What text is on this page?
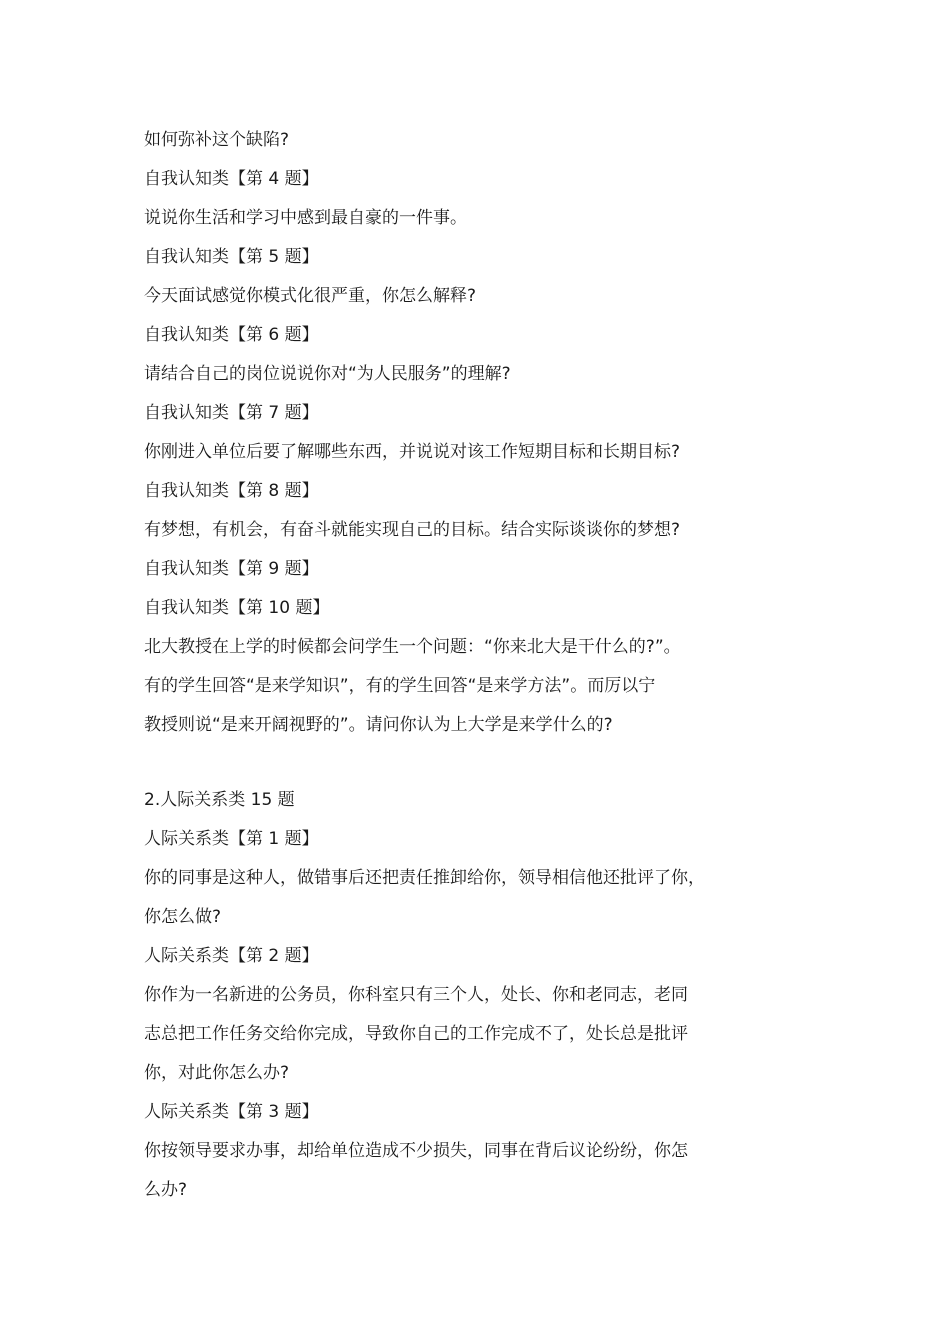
如何弥补这个缺陷?

自我认知类【第 4 题】

说说你生活和学习中感到最自豪的一件事。

自我认知类【第 5 题】

今天面试感觉你模式化很严重，你怎么解释?

自我认知类【第 6 题】

请结合自己的岗位说说你对“为人民服务”的理解?

自我认知类【第 7 题】

你刚进入单位后要了解哪些东西，并说说对该工作短期目标和长期目标?

自我认知类【第 8 题】

有梦想，有机会，有奋斗就能实现自己的目标。结合实际谈谈你的梦想?

自我认知类【第 9 题】

自我认知类【第 10 题】

北大教授在上学的时候都会问学生一个问题：“你来北大是干什么的?”。

有的学生回答“是来学知识”，有的学生回答“是来学方法”。而厉以宁

教授则说“是来开阔视野的”。请问你认为上大学是来学什么的?

2.人际关系类 15 题

人际关系类【第 1 题】

你的同事是这种人，做错事后还把责任推卸给你，领导相信他还批评了你，

你怎么做?

人际关系类【第 2 题】

你作为一名新进的公务员，你科室只有三个人，处长、你和老同志，老同

志总把工作任务交给你完成，导致你自己的工作完成不了，处长总是批评

你，对此你怎么办?

人际关系类【第 3 题】

你按领导要求办事，却给单位造成不少损失，同事在背后议论纷纷，你怎

么办?
